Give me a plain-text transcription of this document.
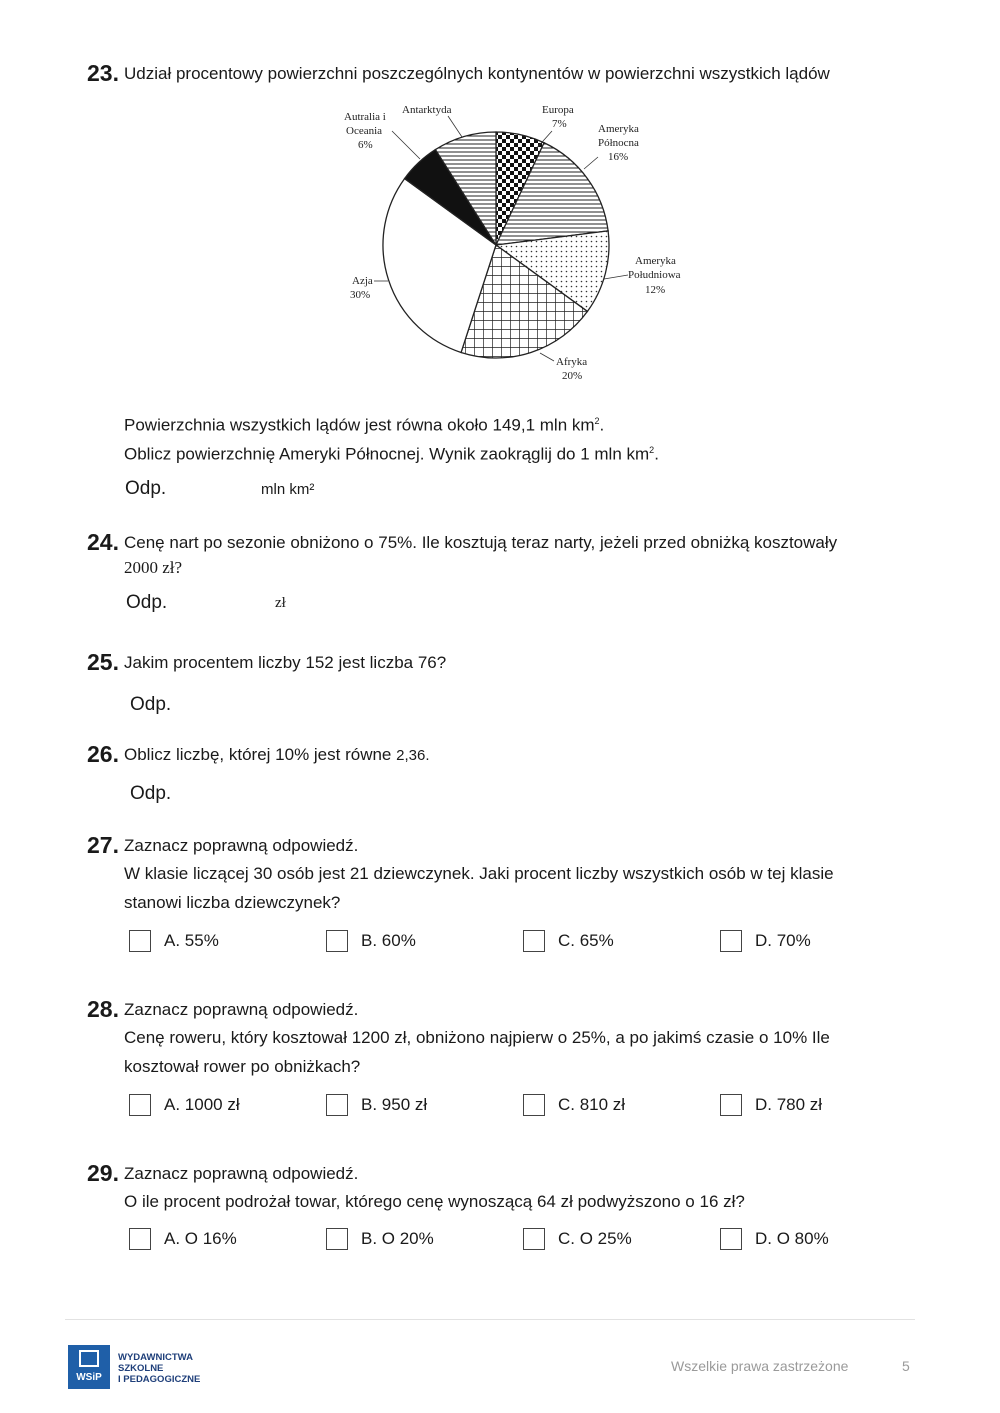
23. Udział procentowy powierzchni poszczególnych kontynentów w powierzchni wszystkich lądów
Europa
7%	Ameryka
Północna
16%
Ameryka
Południowa
12%
Afryka
20%
Azja
30%
Autralia i
Oceania
6%
Antarktyda
Powierzchnia wszystkich lądów jest równa około 149,1 mln $km^2$.
Oblicz powierzchnię Ameryki Północnej. Wynik zaokrąglij do 1 mln $km^2$.
Odp.	mln km²
24. Cenę nart po sezonie obniżono o 75%. Ile kosztują teraz narty, jeżeli przed obniżką kosztowały
2000 zł?
Odp.	zł
25. Jakim procentem liczby 152 jest liczba 76?
Odp.
26. Oblicz liczbę, której 10% jest równe 2,36.
Odp.
27. Zaznacz poprawną odpowiedź.
W klasie liczącej 30 osób jest 21 dziewczynek. Jaki procent liczby wszystkich osób w tej klasie
stanowi liczba dziewczynek?
A. 55%	B. 60%	C. 65%	D. 70%
28. Zaznacz poprawną odpowiedź.
Cenę roweru, który kosztował 1200 zł, obniżono najpierw o 25%, a po jakimś czasie o 10% Ile
kosztował rower po obniżkach?
A. 1000 zł	B. 950 zł	C. 810 zł	D. 780 zł
29. Zaznacz poprawną odpowiedź.
O ile procent podrożał towar, którego cenę wynoszącą 64 zł podwyższono o 16 zł?
A. O 16%	B. O 20%	C. O 25%	D. O 80%
WSiP
WYDAWNICTWA
SZKOLNE
I PEDAGOGICZNE
Wszelkie prawa zastrzeżone	5
